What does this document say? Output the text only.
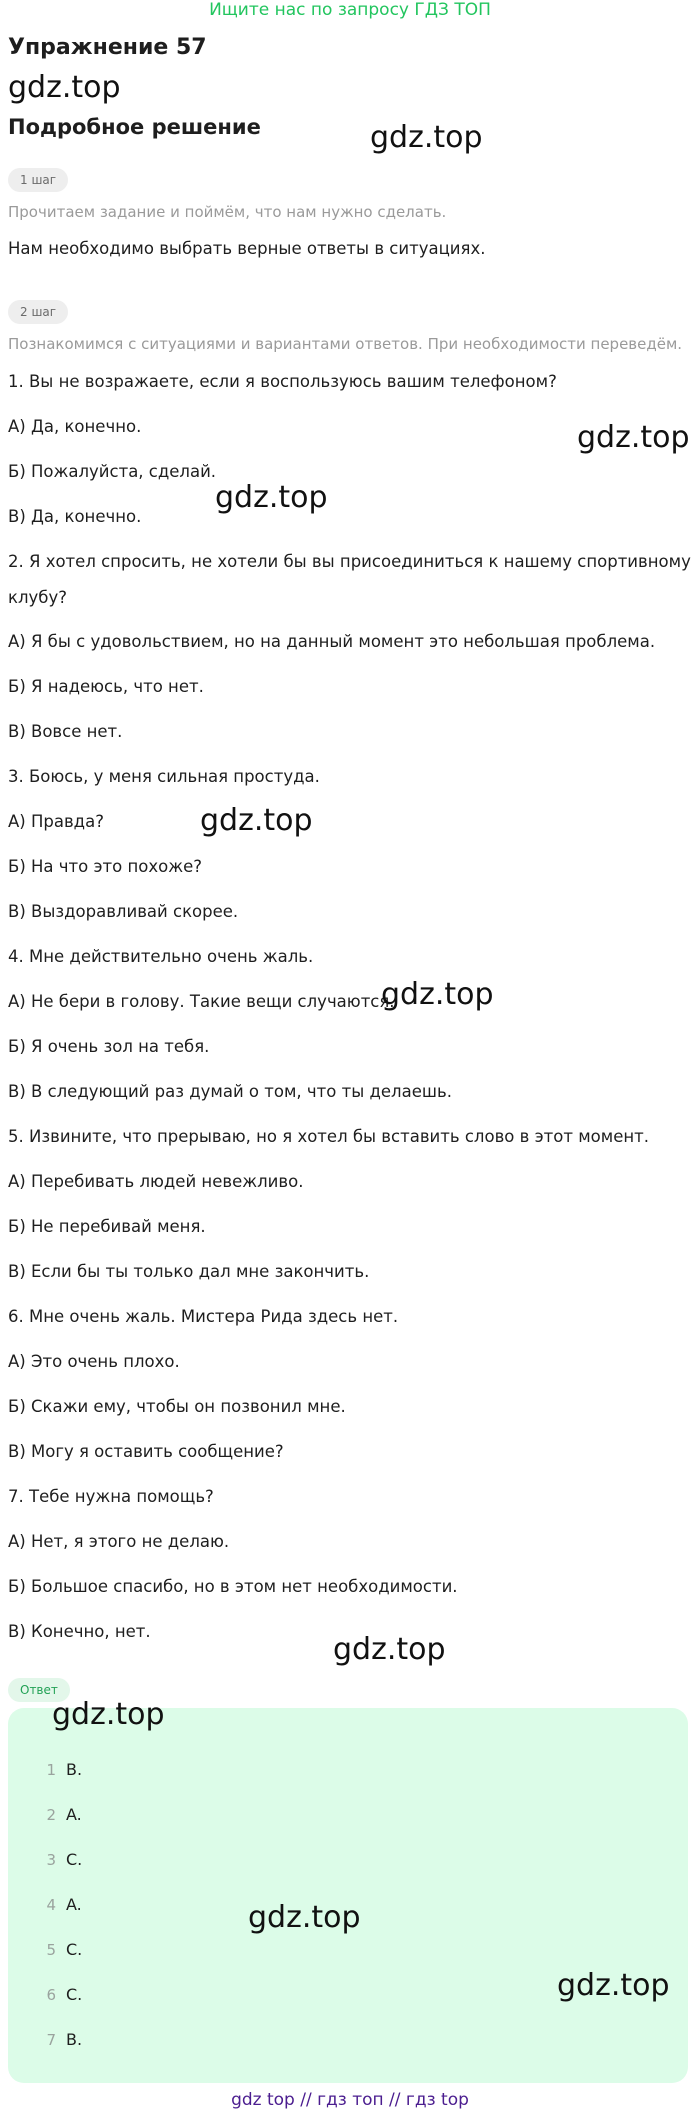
Ищите нас по запросу ГДЗ ТОП
Упражнение 57
gdz.top
Подробное решение	gdz.top
1 шаг
Прочитаем задание и поймём, что нам нужно сделать.
Нам необходимо выбрать верные ответы в ситуациях.
2 шаг
Познакомимся с ситуациями и вариантами ответов. При необходимости переведём.
1. Вы не возражаете, если я воспользуюсь вашим телефоном?
А) Да, конечно.
Б) Пожалуйста, сделай.
В) Да, конечно.
2. Я хотел спросить, не хотели бы вы присоединиться к нашему спортивному
клубу?
А) Я бы с удовольствием, но на данный момент это небольшая проблема.
Б) Я надеюсь, что нет.
В) Вовсе нет.
3. Боюсь, у меня сильная простуда.
А) Правда?
Б) На что это похоже?
В) Выздоравливай скорее.
4. Мне действительно очень жаль.
А) Не бери в голову. Такие вещи случаются.
Б) Я очень зол на тебя.
В) В следующий раз думай о том, что ты делаешь.
5. Извините, что прерываю, но я хотел бы вставить слово в этот момент.
А) Перебивать людей невежливо.
Б) Не перебивай меня.
В) Если бы ты только дал мне закончить.
6. Мне очень жаль. Мистера Рида здесь нет.
А) Это очень плохо.
Б) Скажи ему, чтобы он позвонил мне.
В) Могу я оставить сообщение?
7. Тебе нужна помощь?
А) Нет, я этого не делаю.
Б) Большое спасибо, но в этом нет необходимости.
В) Конечно, нет.
gdz.top
gdz.top
gdz.top
gdz.top
gdz.top
Ответ
1 B.
2 A.
3 C.
4 A.
5 C.
6 C.
7 B.
gdz.top
gdz.top
gdz.top
gdz top // гдз топ // гдз top
